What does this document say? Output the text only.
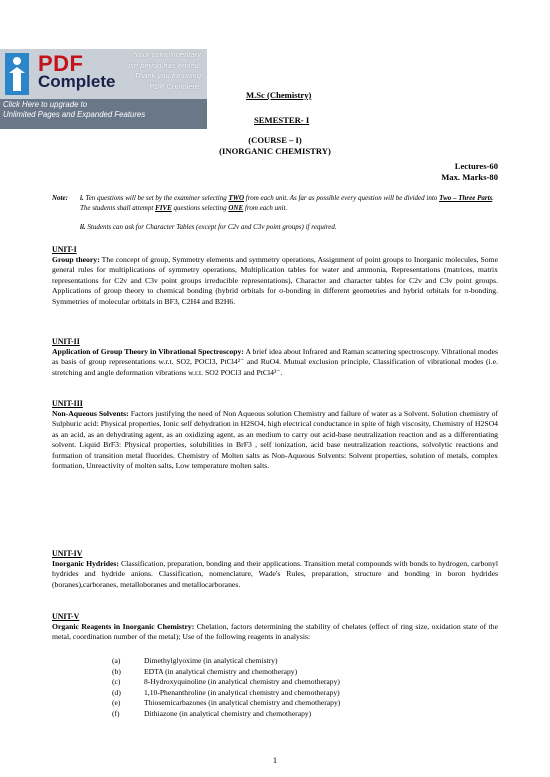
PDF
Complete
Your complimentary
use period has ended.
Thank you for using
PDF Complete.
Click Here to upgrade to
Unlimited Pages and Expanded Features
M.Sc (Chemistry)
SEMESTER- I
(COURSE – I)
(INORGANIC CHEMISTRY)
Lectures-60
Max. Marks-80
Note: i. Ten questions will be set by the examiner selecting TWO from each unit. As far as possible every question will be divided into Two – Three Parts. The students shall attempt FIVE questions selecting ONE from each unit.
ii. Students can ask for Character Tables (except for C2v and C3v point groups) if required.
UNIT-I
Group theory: The concept of group, Symmetry elements and symmetry operations, Assignment of point groups to Inorganic molecules, Some general rules for multiplications of symmetry operations, Multiplication tables for water and ammonia, Representations (matrices, matrix representations for C2v and C3v point groups irreducible representations), Character and character tables for C2v and C3v point groups. Applications of group theory to chemical bonding (hybrid orbitals for σ-bonding in different geometries and hybrid orbitals for π-bonding. Symmetries of molecular orbitals in BF3, C2H4 and B2H6.
UNIT-II
Application of Group Theory in Vibrational Spectroscopy: A brief idea about Infrared and Raman scattering spectroscopy. Vibrational modes as basis of group representations w.r.t. SO2, POCl3, PtCl4²⁻ and RuO4. Mutual exclusion principle, Classification of vibrational modes (i.e. stretching and angle deformation vibrations w.r.t. SO2 POCl3 and PtCl4²⁻.
UNIT-III
Non-Aqueous Solvents: Factors justifying the need of Non Aqueous solution Chemistry and failure of water as a Solvent. Solution chemistry of Sulphuric acid: Physical properties, Ionic self dehydration in H2SO4, high electrical conductance in spite of high viscosity, Chemistry of H2SO4 as an acid, as an dehydrating agent, as an oxidizing agent, as an medium to carry out acid-base neutralization reaction and as a differentiating solvent. Liquid BrF3: Physical properties, solubilities in BrF3 , self ionization, acid base neutralization reactions, solvolytic reactions and formation of transition metal fluorides. Chemistry of Molten salts as Non-Aqueous Solvents: Solvent properties, solution of metals, complex formation, Unreactivity of molten salts, Low temperature molten salts.
UNIT-IV
Inorganic Hydrides: Classification, preparation, bonding and their applications. Transition metal compounds with bonds to hydrogen, carbonyl hydrides and hydride anions. Classification, nomenclature, Wade's Rules, preparation, structure and bonding in boron hydrides (boranes),carboranes, metalloboranes and metallocarboranes.
UNIT-V
Organic Reagents in Inorganic Chemistry: Chelation, factors determining the stability of chelates (effect of ring size, oxidation state of the metal, coordination number of the metal); Use of the following reagents in analysis:
(a)	Dimethylglyoxime (in analytical chemistry)
(b)	EDTA (in analytical chemistry and chemotherapy)
(c)	8-Hydroxyquinoline (in analytical chemistry and chemotherapy)
(d)	1,10-Phenanthroline (in analytical chemistry and chemotherapy)
(e)	Thiosemicarbazones (in analytical chemistry and chemotherapy)
(f)	Dithiazone (in analytical chemistry and chemotherapy)
1
